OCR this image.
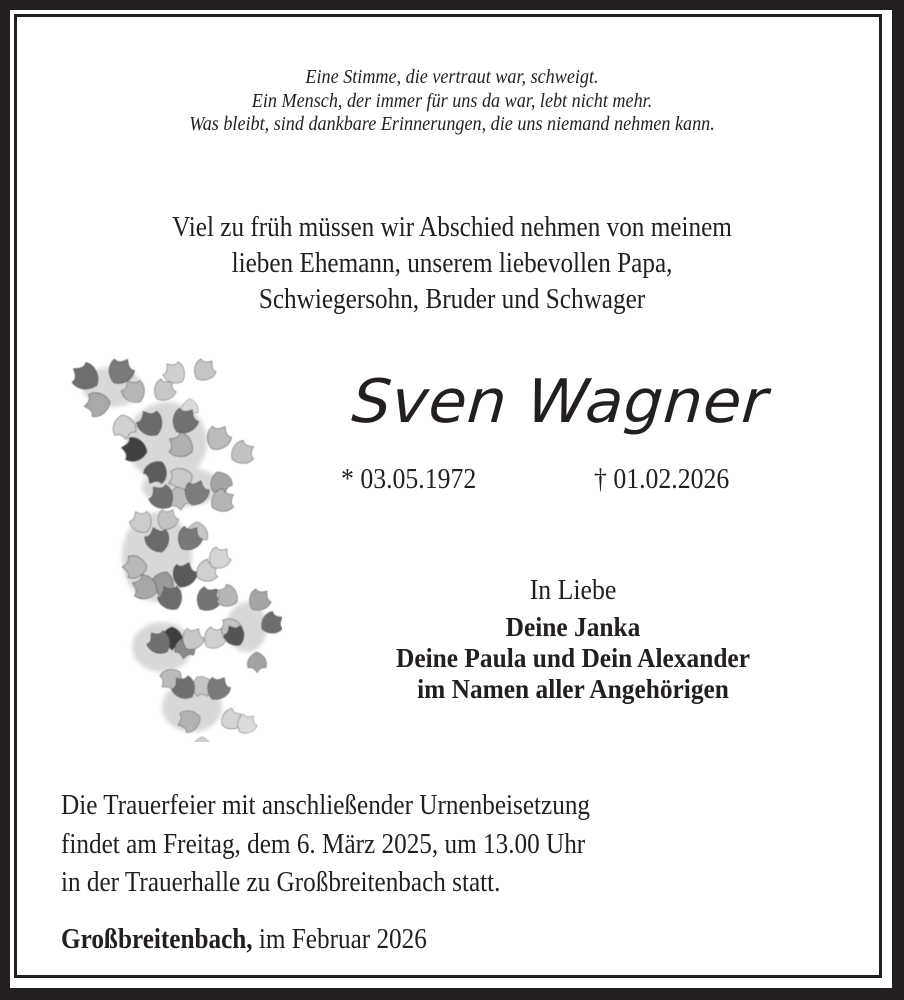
Eine Stimme, die vertraut war, schweigt.
Ein Mensch, der immer für uns da war, lebt nicht mehr.
Was bleibt, sind dankbare Erinnerungen, die uns niemand nehmen kann.
Viel zu früh müssen wir Abschied nehmen von meinem
lieben Ehemann, unserem liebevollen Papa,
Schwiegersohn, Bruder und Schwager
Sven Wagner
* 03.05.1972	† 01.02.2026
In Liebe
Deine Janka
Deine Paula und Dein Alexander
im Namen aller Angehörigen
Die Trauerfeier mit anschließender Urnenbeisetzung
findet am Freitag, dem 6. März 2025, um 13.00 Uhr
in der Trauerhalle zu Großbreitenbach statt.
Großbreitenbach, im Februar 2026
